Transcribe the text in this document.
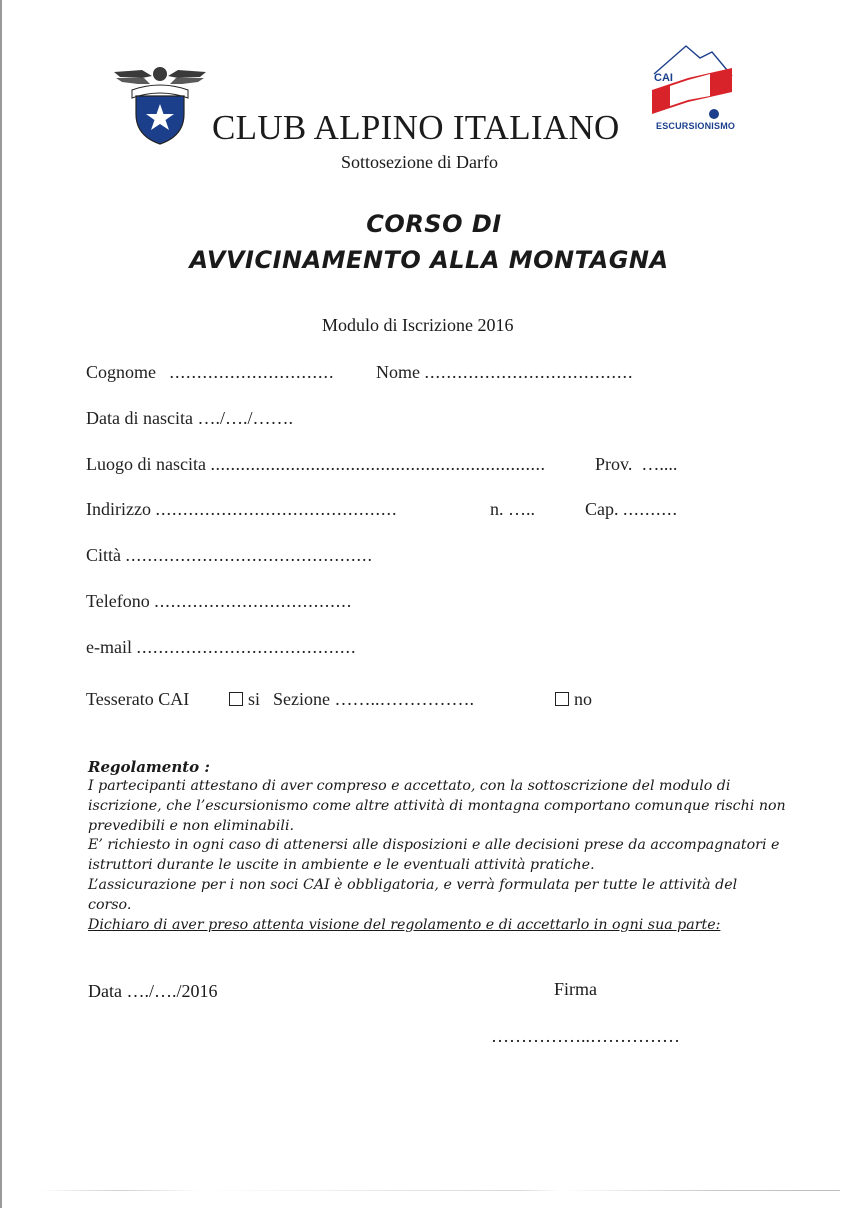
CAI
ESCURSIONISMO
CLUB ALPINO ITALIANO
Sottosezione di Darfo
CORSO DI
AVVICINAMENTO ALLA MONTAGNA
Modulo di Iscrizione 2016
Cognome .............................. Nome ......................................
Data di nascita …./…./…….
Luogo di nascita ...................................................................	Prov. …....
Indirizzo ............................................	n. …..	Cap. ..........
Città .............................................
Telefono ....................................
e-mail ........................................
Tesserato CAI	si Sezione ……..…………….	no
Regolamento :
I partecipanti attestano di aver compreso e accettato, con la sottoscrizione del modulo di
iscrizione, che l’escursionismo come altre attività di montagna comportano comunque rischi non
prevedibili e non eliminabili.
E’ richiesto in ogni caso di attenersi alle disposizioni e alle decisioni prese da accompagnatori e
istruttori durante le uscite in ambiente e le eventuali attività pratiche.
L’assicurazione per i non soci CAI è obbligatoria, e verrà formulata per tutte le attività del
corso.
Dichiaro di aver preso attenta visione del regolamento e di accettarlo in ogni sua parte:
Data …./…./2016	Firma
……………..……………
